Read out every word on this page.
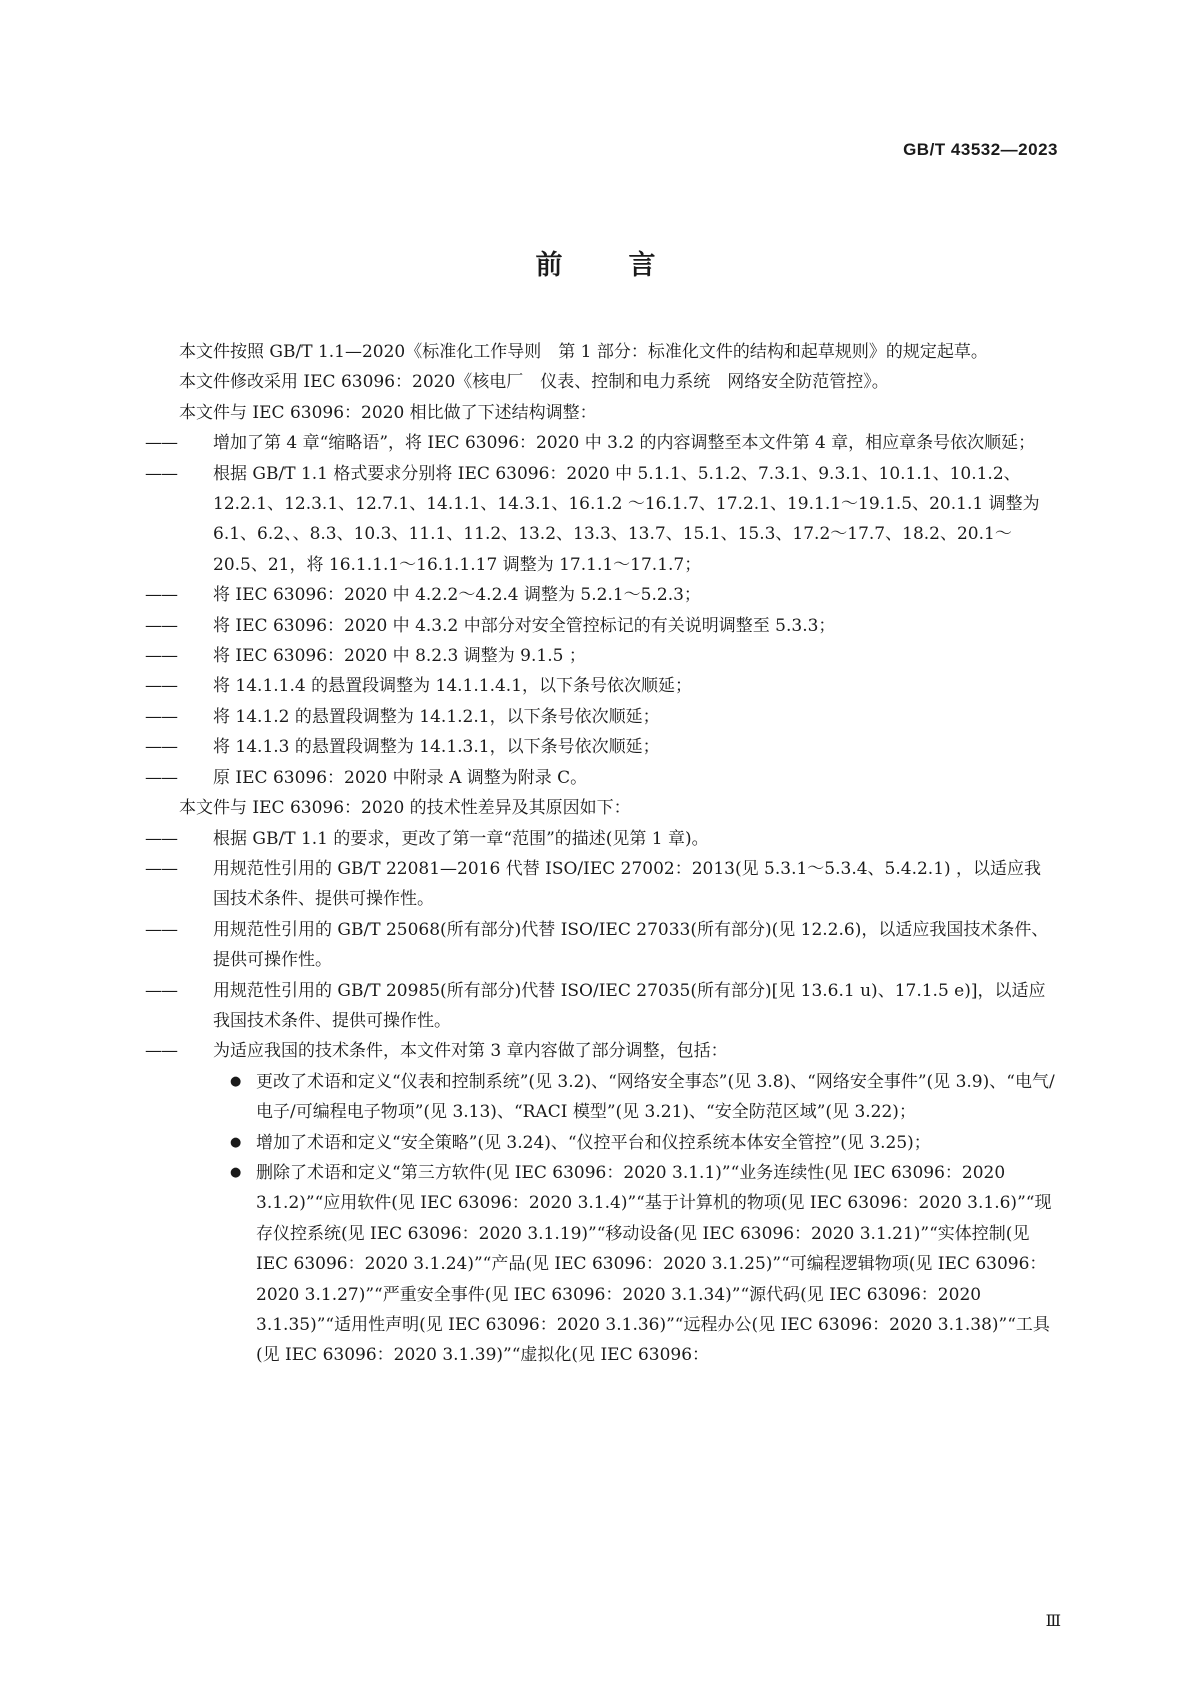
GB/T 43532—2023
前言

本文件按照 GB/T 1.1—2020《标准化工作导则　第 1 部分：标准化文件的结构和起草规则》的规定起草。

本文件修改采用 IEC 63096：2020《核电厂　仪表、控制和电力系统　网络安全防范管控》。

本文件与 IEC 63096：2020 相比做了下述结构调整：

—— 增加了第 4 章“缩略语”，将 IEC 63096：2020 中 3.2 的内容调整至本文件第 4 章，相应章条号依次顺延；

—— 根据 GB/T 1.1 格式要求分别将 IEC 63096：2020 中 5.1.1、5.1.2、7.3.1、9.3.1、10.1.1、10.1.2、12.2.1、12.3.1、12.7.1、14.1.1、14.3.1、16.1.2 ～16.1.7、17.2.1、19.1.1～19.1.5、20.1.1 调整为 6.1、6.2、、8.3、10.3、11.1、11.2、13.2、13.3、13.7、15.1、15.3、17.2～17.7、18.2、20.1～20.5、21，将 16.1.1.1～16.1.1.17 调整为 17.1.1～17.1.7；

—— 将 IEC 63096：2020 中 4.2.2～4.2.4 调整为 5.2.1～5.2.3；

—— 将 IEC 63096：2020 中 4.3.2 中部分对安全管控标记的有关说明调整至 5.3.3；

—— 将 IEC 63096：2020 中 8.2.3 调整为 9.1.5 ；

—— 将 14.1.1.4 的悬置段调整为 14.1.1.4.1，以下条号依次顺延；

—— 将 14.1.2 的悬置段调整为 14.1.2.1，以下条号依次顺延；

—— 将 14.1.3 的悬置段调整为 14.1.3.1，以下条号依次顺延；

—— 原 IEC 63096：2020 中附录 A 调整为附录 C。

本文件与 IEC 63096：2020 的技术性差异及其原因如下：

—— 根据 GB/T 1.1 的要求，更改了第一章“范围”的描述(见第 1 章)。

—— 用规范性引用的 GB/T 22081—2016 代替 ISO/IEC 27002：2013(见 5.3.1～5.3.4、5.4.2.1) ，以适应我国技术条件、提供可操作性。

—— 用规范性引用的 GB/T 25068(所有部分)代替 ISO/IEC 27033(所有部分)(见 12.2.6)，以适应我国技术条件、提供可操作性。

—— 用规范性引用的 GB/T 20985(所有部分)代替 ISO/IEC 27035(所有部分)[见 13.6.1 u)、17.1.5 e)]，以适应我国技术条件、提供可操作性。

—— 为适应我国的技术条件，本文件对第 3 章内容做了部分调整，包括：

● 更改了术语和定义“仪表和控制系统”(见 3.2)、“网络安全事态”(见 3.8)、“网络安全事件”(见 3.9)、“电气/电子/可编程电子物项”(见 3.13)、“RACI 模型”(见 3.21)、“安全防范区域”(见 3.22)；

● 增加了术语和定义“安全策略”(见 3.24)、“仪控平台和仪控系统本体安全管控”(见 3.25)；

● 删除了术语和定义“第三方软件(见 IEC 63096：2020 3.1.1)”“业务连续性(见 IEC 63096：2020 3.1.2)”“应用软件(见 IEC 63096：2020 3.1.4)”“基于计算机的物项(见 IEC 63096：2020 3.1.6)”“现存仪控系统(见 IEC 63096：2020 3.1.19)”“移动设备(见 IEC 63096：2020 3.1.21)”“实体控制(见 IEC 63096：2020 3.1.24)”“产品(见 IEC 63096：2020 3.1.25)”“可编程逻辑物项(见 IEC 63096：2020 3.1.27)”“严重安全事件(见 IEC 63096：2020 3.1.34)”“源代码(见 IEC 63096：2020 3.1.35)”“适用性声明(见 IEC 63096：2020 3.1.36)”“远程办公(见 IEC 63096：2020 3.1.38)”“工具(见 IEC 63096：2020 3.1.39)”“虚拟化(见 IEC 63096：

Ⅲ
